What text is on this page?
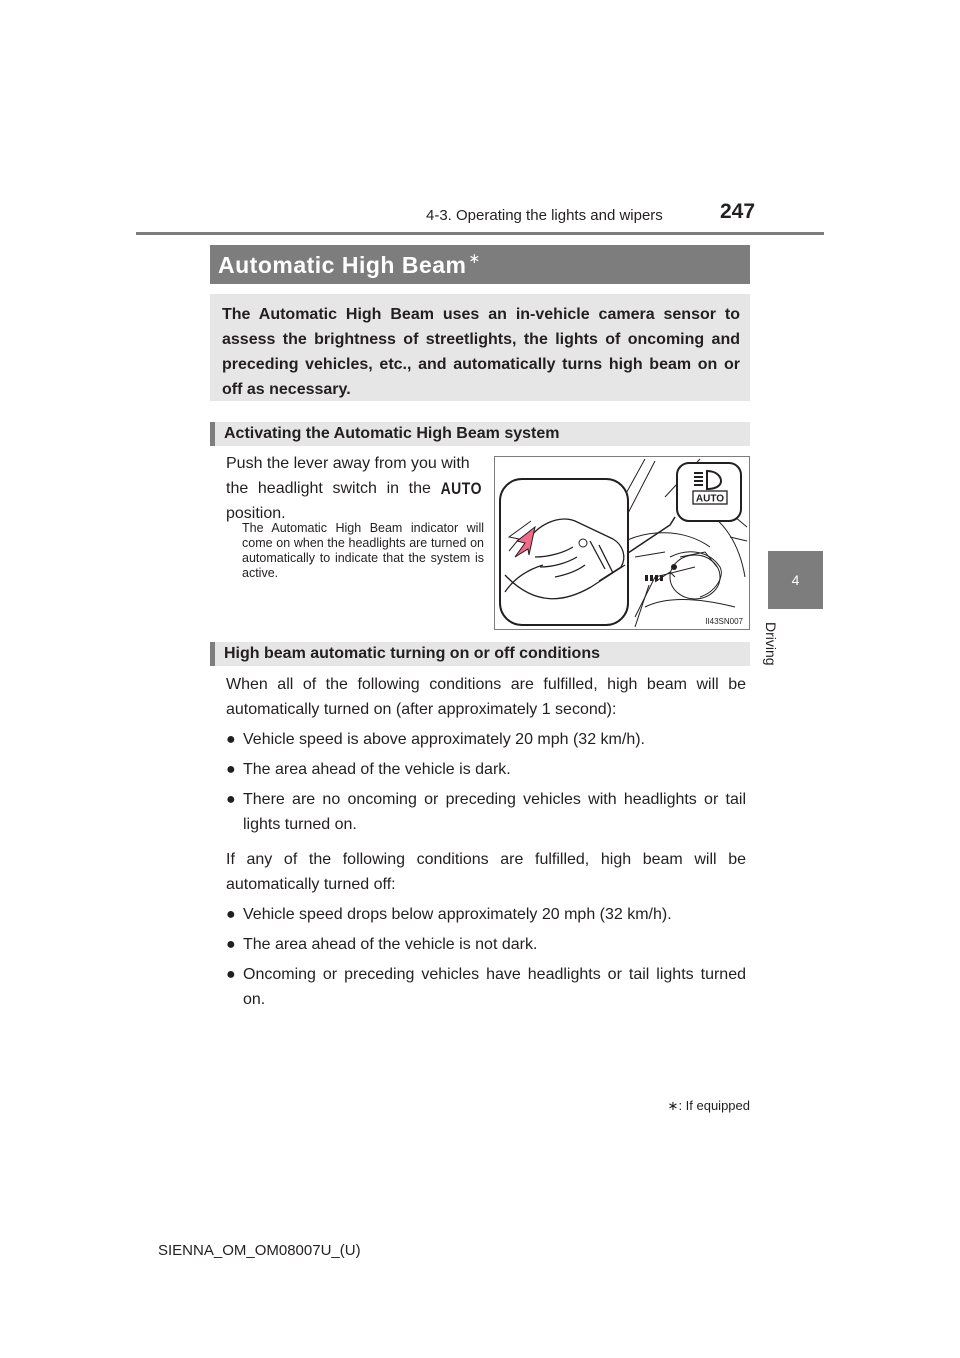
4-3. Operating the lights and wipers	247
4
Driving
Automatic High Beam ∗
The Automatic High Beam uses an in-vehicle camera sensor to assess the brightness of streetlights, the lights of oncoming and preceding vehicles, etc., and automatically turns high beam on or off as necessary.
Activating the Automatic High Beam system
Push the lever away from you with
the headlight switch in the AUTO
position.
The Automatic High Beam indicator will come on when the headlights are turned on automatically to indicate that the system is active.
AUTO
II43SN007
High beam automatic turning on or off conditions

When all of the following conditions are fulfilled, high beam will be automatically turned on (after approximately 1 second):

● Vehicle speed is above approximately 20 mph (32 km/h).
● The area ahead of the vehicle is dark.
● There are no oncoming or preceding vehicles with headlights or tail lights turned on.

If any of the following conditions are fulfilled, high beam will be automatically turned off:

● Vehicle speed drops below approximately 20 mph (32 km/h).
● The area ahead of the vehicle is not dark.
● Oncoming or preceding vehicles have headlights or tail lights turned on.
∗: If equipped
SIENNA_OM_OM08007U_(U)
